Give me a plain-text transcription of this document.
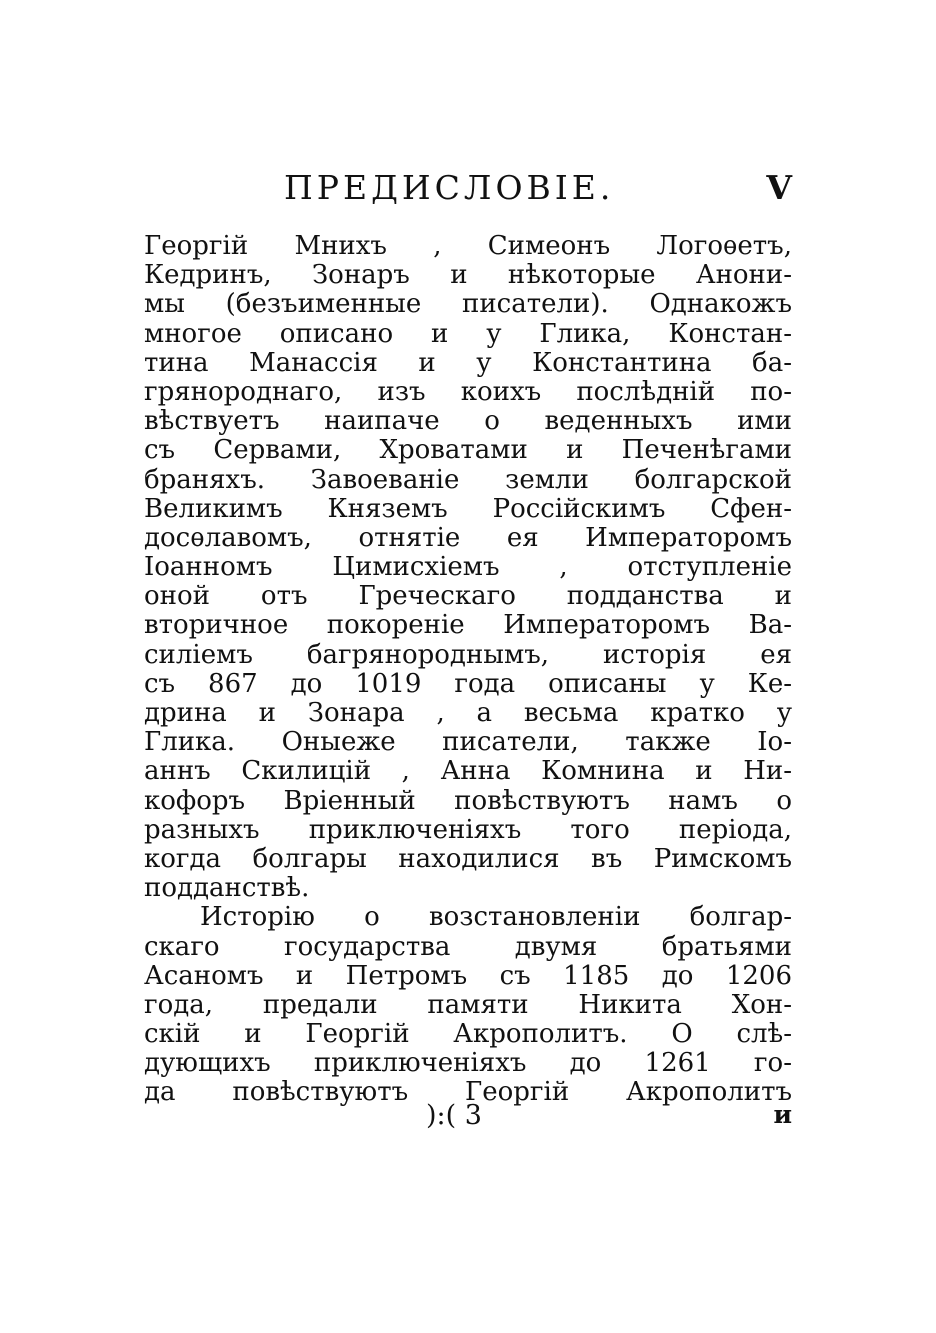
ПРЕДИСЛОВІЕ.	V
Георгій Мнихъ , Симеонъ Логоѳетъ,
Кедринъ, Зонаръ и нѣкоторые Анони-
мы (безъименные писатели). Однакожъ
многое описано и у Глика, Констан-
тина Манассія и у Константина ба-
грянороднаго, изъ коихъ послѣдній по-
вѣствуетъ наипаче о веденныхъ ими
съ Сервами, Хроватами и Печенѣгами
браняхъ. Завоеваніе земли болгарской
Великимъ Княземъ Россійскимъ Сфен-
досѳлавомъ, отнятіе ея Императоромъ
Іоанномъ Цимисхіемъ , отступленіе
оной отъ Греческаго подданства и
вторичное покореніе Императоромъ Ва-
силіемъ багрянороднымъ, исторія ея
съ 867 до 1019 года описаны у Ке-
дрина и Зонара , а весьма кратко у
Глика. Оныеже писатели, также Іо-
аннъ Скилицій , Анна Комнина и Ни-
кофоръ Вріенный повѣствуютъ намъ о
разныхъ приключеніяхъ того періода,
когда болгары находилися въ Римскомъ
подданствѣ.
Исторію о возстановленіи болгар-
скаго государства двумя братьями
Асаномъ и Петромъ съ 1185 до 1206
года, предали памяти Никита Хон-
скій и Георгій Акрополитъ. О слѣ-
дующихъ приключеніяхъ до 1261 го-
да повѣствуютъ Георгій Акрополитъ
):( 3	и
